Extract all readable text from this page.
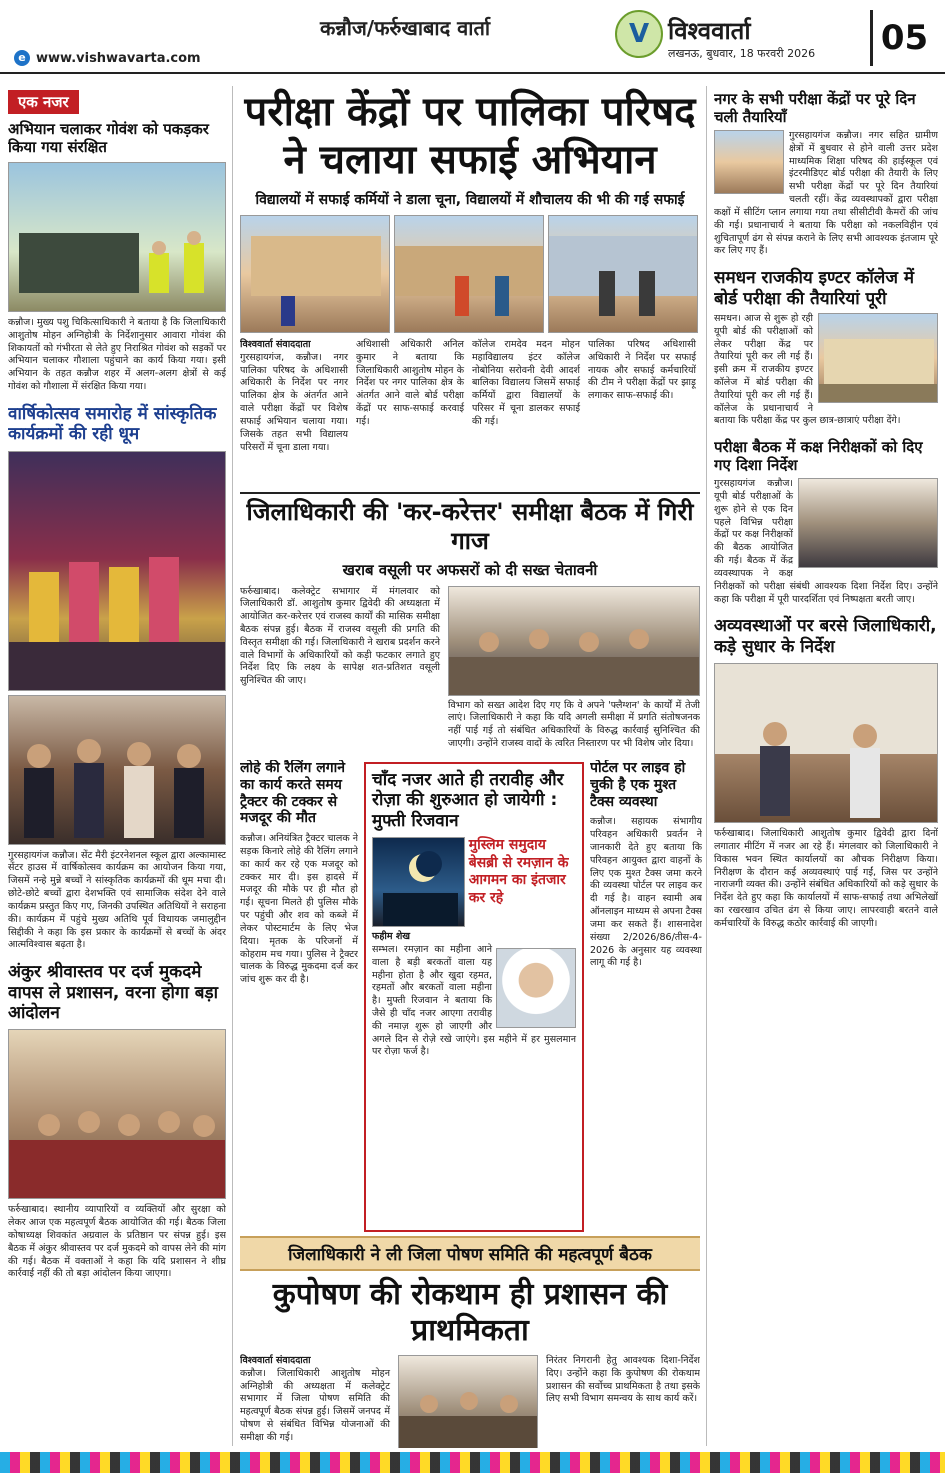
कन्नौज/फर्रुखाबाद वार्ता
e www.vishwavarta.com
V विश्ववार्ता
लखनऊ, बुधवार, 18 फरवरी 2026	05
एक नजर
अभियान चलाकर गोवंश को पकड़कर किया गया संरक्षित
कन्नौज। मुख्य पशु चिकित्साधिकारी ने बताया है कि जिलाधिकारी आशुतोष मोहन अग्निहोत्री के निर्देशानुसार आवारा गोवंश की शिकायतों को गंभीरता से लेते हुए निराश्रित गोवंश को सड़कों पर अभियान चलाकर गौशाला पहुंचाने का कार्य किया गया। इसी अभियान के तहत कन्नौज शहर में अलग-अलग क्षेत्रों से कई गोवंश को गौशाला में संरक्षित किया गया।
वार्षिकोत्सव समारोह में सांस्कृतिक कार्यक्रमों की रही धूम
गुरसहायगंज कन्नौज। सेंट मैरी इंटरनेशनल स्कूल द्वारा अल्कामास्ट सेंटर हाउस में वार्षिकोत्सव कार्यक्रम का आयोजन किया गया, जिसमें नन्हे मुन्ने बच्चों ने सांस्कृतिक कार्यक्रमों की धूम मचा दी। छोटे-छोटे बच्चों द्वारा देशभक्ति एवं सामाजिक संदेश देने वाले कार्यक्रम प्रस्तुत किए गए, जिनकी उपस्थित अतिथियों ने सराहना की। कार्यक्रम में पहुंचे मुख्य अतिथि पूर्व विधायक जमालुद्दीन सिद्दीकी ने कहा कि इस प्रकार के कार्यक्रमों से बच्चों के अंदर आत्मविश्वास बढ़ता है।
अंकुर श्रीवास्तव पर दर्ज मुकदमे वापस ले प्रशासन, वरना होगा बड़ा आंदोलन
फर्रुखाबाद। स्थानीय व्यापारियों व व्यक्तियों और सुरक्षा को लेकर आज एक महत्वपूर्ण बैठक आयोजित की गई। बैठक जिला कोषाध्यक्ष शिवकांत अग्रवाल के प्रतिष्ठान पर संपन्न हुई। इस बैठक में अंकुर श्रीवास्तव पर दर्ज मुकदमे को वापस लेने की मांग की गई। बैठक में वक्ताओं ने कहा कि यदि प्रशासन ने शीघ्र कार्रवाई नहीं की तो बड़ा आंदोलन किया जाएगा।
परीक्षा केंद्रों पर पालिका परिषद
ने चलाया सफाई अभियान
विद्यालयों में सफाई कर्मियों ने डाला चूना, विद्यालयों में शौचालय की भी की गई सफाई
विश्ववार्ता संवाददाता
गुरसहायगंज, कन्नौज। नगर पालिका परिषद के अधिशासी अधिकारी के निर्देश पर नगर पालिका क्षेत्र के अंतर्गत आने वाले परीक्षा केंद्रों पर विशेष सफाई अभियान चलाया गया। जिसके तहत सभी विद्यालय परिसरों में चूना डाला गया।
अधिशासी अधिकारी अनिल कुमार ने बताया कि जिलाधिकारी आशुतोष मोहन के निर्देश पर नगर पालिका क्षेत्र के अंतर्गत आने वाले बोर्ड परीक्षा केंद्रों पर साफ-सफाई करवाई गई।
कॉलेज रामदेव मदन मोहन महाविद्यालय इंटर कॉलेज नोबोनिया सरोवनी देवी आदर्श बालिका विद्यालय जिसमें सफाई कर्मियों द्वारा विद्यालयों के परिसर में चूना डालकर सफाई की गई।
पालिका परिषद अधिशासी अधिकारी ने निर्देश पर सफाई नायक और सफाई कर्मचारियों की टीम ने परीक्षा केंद्रों पर झाड़ू लगाकर साफ-सफाई की।
जिलाधिकारी की 'कर-करेत्तर' समीक्षा बैठक में गिरी गाज
खराब वसूली पर अफसरों को दी सख्त चेतावनी
फर्रुखाबाद। कलेक्ट्रेट सभागार में मंगलवार को जिलाधिकारी डॉ. आशुतोष कुमार द्विवेदी की अध्यक्षता में आयोजित कर-करेत्तर एवं राजस्व कार्यों की मासिक समीक्षा बैठक संपन्न हुई। बैठक में राजस्व वसूली की प्रगति की विस्तृत समीक्षा की गई। जिलाधिकारी ने खराब प्रदर्शन करने वाले विभागों के अधिकारियों को कड़ी फटकार लगाते हुए निर्देश दिए कि लक्ष्य के सापेक्ष शत-प्रतिशत वसूली सुनिश्चित की जाए।
विभाग को सख्त आदेश दिए गए कि वे अपने 'फ्लैग्शन' के कार्यों में तेजी लाएं। जिलाधिकारी ने कहा कि यदि अगली समीक्षा में प्रगति संतोषजनक नहीं पाई गई तो संबंधित अधिकारियों के विरुद्ध कार्रवाई सुनिश्चित की जाएगी। उन्होंने राजस्व वादों के त्वरित निस्तारण पर भी विशेष जोर दिया।
लोहे की रैलिंग लगाने का कार्य करते समय ट्रैक्टर की टक्कर से मजदूर की मौत
कन्नौज। अनियंत्रित ट्रैक्टर चालक ने सड़क किनारे लोहे की रैलिंग लगाने का कार्य कर रहे एक मजदूर को टक्कर मार दी। इस हादसे में मजदूर की मौके पर ही मौत हो गई। सूचना मिलते ही पुलिस मौके पर पहुंची और शव को कब्जे में लेकर पोस्टमार्टम के लिए भेज दिया। मृतक के परिजनों में कोहराम मच गया। पुलिस ने ट्रैक्टर चालक के विरुद्ध मुकदमा दर्ज कर जांच शुरू कर दी है।
चाँद नजर आते ही तरावीह और रोज़ा की शुरुआत हो जायेगी : मुफ्ती रिजवान
मुस्लिम समुदाय बेसब्री से रमज़ान के आगमन का इंतजार कर रहे
फहीम शेख
सम्भल। रमज़ान का महीना आने वाला है बड़ी बरकतों वाला यह महीना होता है और खुदा रहमत, रहमतों और बरकतों वाला महीना है। मुफ्ती रिजवान ने बताया कि जैसे ही चाँद नजर आएगा तरावीह की नमाज़ शुरू हो जाएगी और अगले दिन से रोज़े रखे जाएंगे। इस महीने में हर मुसलमान पर रोज़ा फर्ज है।
पोर्टल पर लाइव हो चुकी है एक मुश्त टैक्स व्यवस्था
कन्नौज। सहायक संभागीय परिवहन अधिकारी प्रवर्तन ने जानकारी देते हुए बताया कि परिवहन आयुक्त द्वारा वाहनों के लिए एक मुश्त टैक्स जमा करने की व्यवस्था पोर्टल पर लाइव कर दी गई है। वाहन स्वामी अब ऑनलाइन माध्यम से अपना टैक्स जमा कर सकते हैं। शासनादेश संख्या 2/2026/86/तीस-4-2026 के अनुसार यह व्यवस्था लागू की गई है।
जिलाधिकारी ने ली जिला पोषण समिति की महत्वपूर्ण बैठक
कुपोषण की रोकथाम ही प्रशासन की प्राथमिकता
विश्ववार्ता संवाददाता
कन्नौज। जिलाधिकारी आशुतोष मोहन अग्निहोत्री की अध्यक्षता में कलेक्ट्रेट सभागार में जिला पोषण समिति की महत्वपूर्ण बैठक संपन्न हुई। जिसमें जनपद में पोषण से संबंधित विभिन्न योजनाओं की समीक्षा की गई।
निरंतर निगरानी हेतु आवश्यक दिशा-निर्देश दिए। उन्होंने कहा कि कुपोषण की रोकथाम प्रशासन की सर्वोच्च प्राथमिकता है तथा इसके लिए सभी विभाग समन्वय के साथ कार्य करें।
नगर के सभी परीक्षा केंद्रों पर पूरे दिन चली तैयारियाँ
गुरसहायगंज कन्नौज। नगर सहित ग्रामीण क्षेत्रों में बुधवार से होने वाली उत्तर प्रदेश माध्यमिक शिक्षा परिषद की हाईस्कूल एवं इंटरमीडिएट बोर्ड परीक्षा की तैयारी के लिए सभी परीक्षा केंद्रों पर पूरे दिन तैयारियां चलती रहीं। केंद्र व्यवस्थापकों द्वारा परीक्षा कक्षों में सीटिंग प्लान लगाया गया तथा सीसीटीवी कैमरों की जांच की गई। प्रधानाचार्य ने बताया कि परीक्षा को नकलविहीन एवं शुचितापूर्ण ढंग से संपन्न कराने के लिए सभी आवश्यक इंतजाम पूरे कर लिए गए हैं।
समधन राजकीय इण्टर कॉलेज में बोर्ड परीक्षा की तैयारियां पूरी
समधन। आज से शुरू हो रही यूपी बोर्ड की परीक्षाओं को लेकर परीक्षा केंद्र पर तैयारियां पूरी कर ली गई हैं। इसी क्रम में राजकीय इण्टर कॉलेज में बोर्ड परीक्षा की तैयारियां पूरी कर ली गई हैं। कॉलेज के प्रधानाचार्य ने बताया कि परीक्षा केंद्र पर कुल छात्र-छात्राएं परीक्षा देंगे।
परीक्षा बैठक में कक्ष निरीक्षकों को दिए गए दिशा निर्देश
गुरसहायगंज कन्नौज। यूपी बोर्ड परीक्षाओं के शुरू होने से एक दिन पहले विभिन्न परीक्षा केंद्रों पर कक्ष निरीक्षकों की बैठक आयोजित की गई। बैठक में केंद्र व्यवस्थापक ने कक्ष निरीक्षकों को परीक्षा संबंधी आवश्यक दिशा निर्देश दिए। उन्होंने कहा कि परीक्षा में पूरी पारदर्शिता एवं निष्पक्षता बरती जाए।
अव्यवस्थाओं पर बरसे जिलाधिकारी, कड़े सुधार के निर्देश
फर्रुखाबाद। जिलाधिकारी आशुतोष कुमार द्विवेदी द्वारा दिनों लगातार मीटिंग में नजर आ रहे हैं। मंगलवार को जिलाधिकारी ने विकास भवन स्थित कार्यालयों का औचक निरीक्षण किया। निरीक्षण के दौरान कई अव्यवस्थाएं पाई गईं, जिस पर उन्होंने नाराजगी व्यक्त की। उन्होंने संबंधित अधिकारियों को कड़े सुधार के निर्देश देते हुए कहा कि कार्यालयों में साफ-सफाई तथा अभिलेखों का रखरखाव उचित ढंग से किया जाए। लापरवाही बरतने वाले कर्मचारियों के विरुद्ध कठोर कार्रवाई की जाएगी।
